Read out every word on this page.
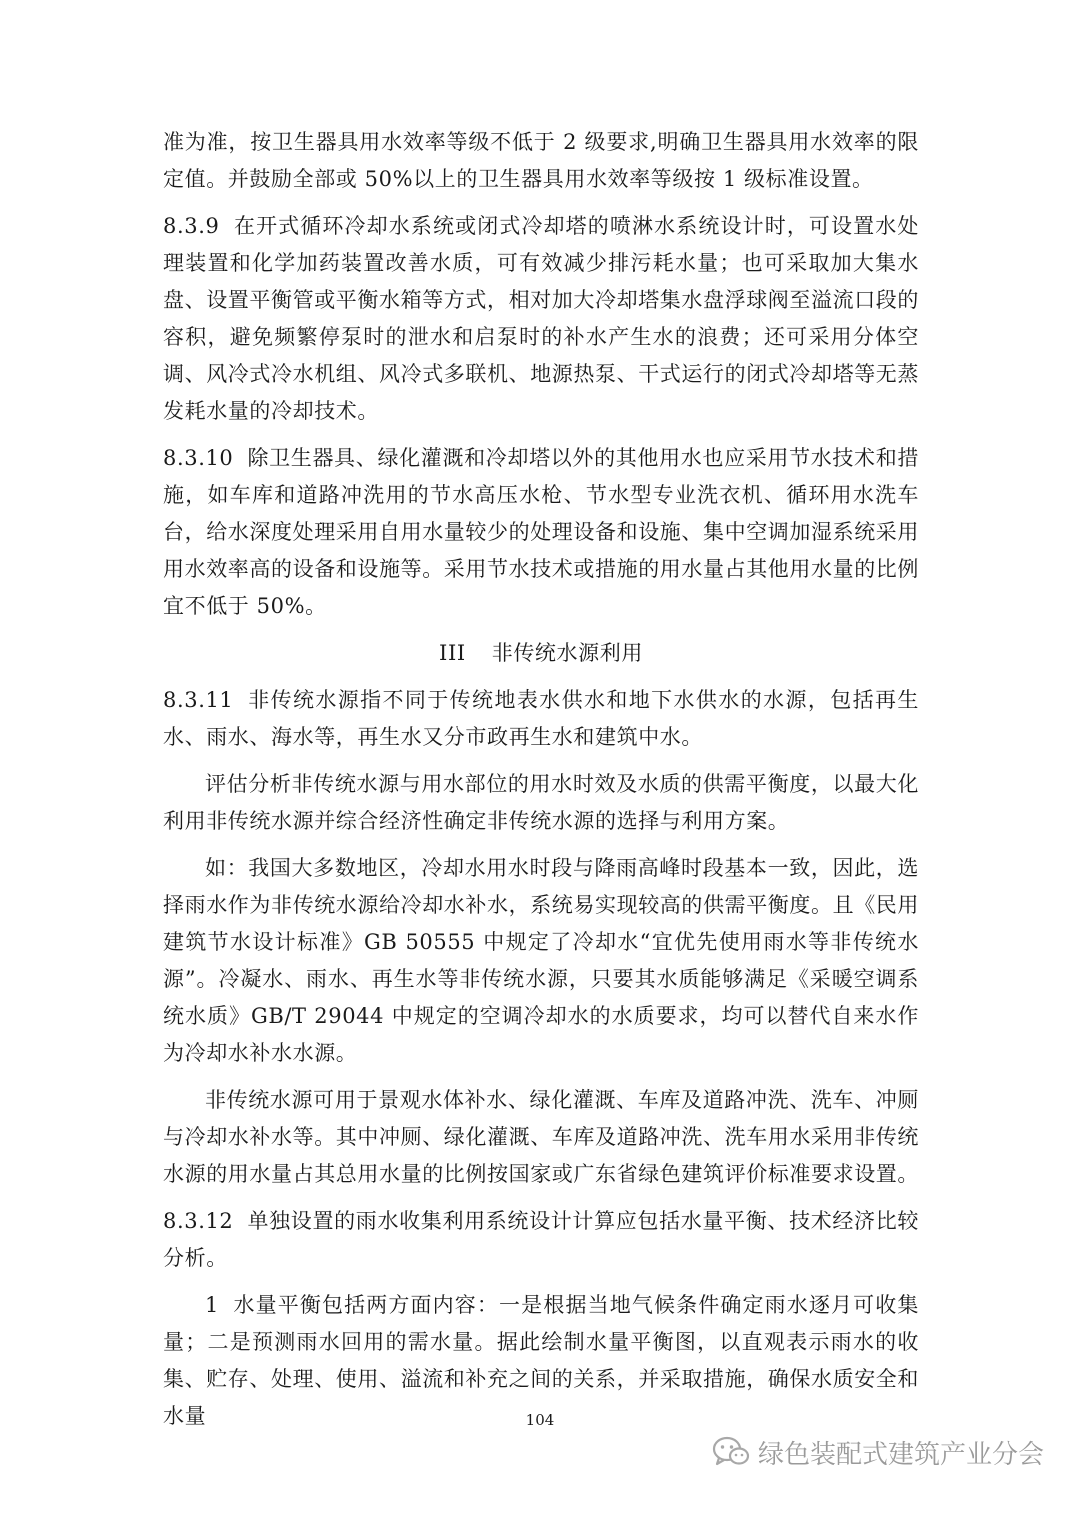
准为准，按卫生器具用水效率等级不低于 2 级要求,明确卫生器具用水效率的限定值。并鼓励全部或 50%以上的卫生器具用水效率等级按 1 级标准设置。

8.3.9 在开式循环冷却水系统或闭式冷却塔的喷淋水系统设计时，可设置水处理装置和化学加药装置改善水质，可有效减少排污耗水量；也可采取加大集水盘、设置平衡管或平衡水箱等方式，相对加大冷却塔集水盘浮球阀至溢流口段的容积，避免频繁停泵时的泄水和启泵时的补水产生水的浪费；还可采用分体空调、风冷式冷水机组、风冷式多联机、地源热泵、干式运行的闭式冷却塔等无蒸发耗水量的冷却技术。

8.3.10 除卫生器具、绿化灌溉和冷却塔以外的其他用水也应采用节水技术和措施，如车库和道路冲洗用的节水高压水枪、节水型专业洗衣机、循环用水洗车台，给水深度处理采用自用水量较少的处理设备和设施、集中空调加湿系统采用用水效率高的设备和设施等。采用节水技术或措施的用水量占其他用水量的比例宜不低于 50%。

III 非传统水源利用

8.3.11 非传统水源指不同于传统地表水供水和地下水供水的水源，包括再生水、雨水、海水等，再生水又分市政再生水和建筑中水。

评估分析非传统水源与用水部位的用水时效及水质的供需平衡度，以最大化利用非传统水源并综合经济性确定非传统水源的选择与利用方案。

如：我国大多数地区，冷却水用水时段与降雨高峰时段基本一致，因此，选择雨水作为非传统水源给冷却水补水，系统易实现较高的供需平衡度。且《民用建筑节水设计标准》GB 50555 中规定了冷却水“宜优先使用雨水等非传统水源”。冷凝水、雨水、再生水等非传统水源，只要其水质能够满足《采暖空调系统水质》GB/T 29044 中规定的空调冷却水的水质要求，均可以替代自来水作为冷却水补水水源。

非传统水源可用于景观水体补水、绿化灌溉、车库及道路冲洗、洗车、冲厕与冷却水补水等。其中冲厕、绿化灌溉、车库及道路冲洗、洗车用水采用非传统水源的用水量占其总用水量的比例按国家或广东省绿色建筑评价标准要求设置。

8.3.12 单独设置的雨水收集利用系统设计计算应包括水量平衡、技术经济比较分析。

1 水量平衡包括两方面内容：一是根据当地气候条件确定雨水逐月可收集量；二是预测雨水回用的需水量。据此绘制水量平衡图，以直观表示雨水的收集、贮存、处理、使用、溢流和补充之间的关系，并采取措施，确保水质安全和水量	104
绿色装配式建筑产业分会
